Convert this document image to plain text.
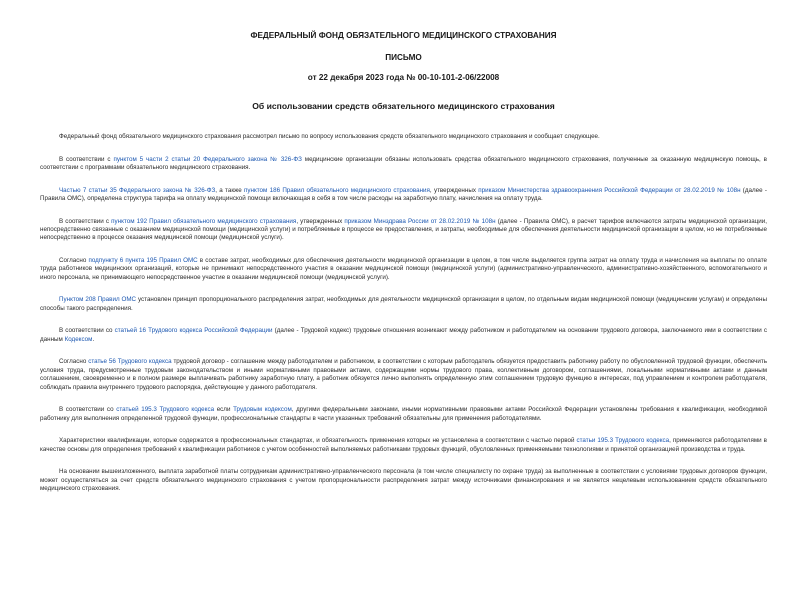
ФЕДЕРАЛЬНЫЙ ФОНД ОБЯЗАТЕЛЬНОГО МЕДИЦИНСКОГО СТРАХОВАНИЯ
ПИСЬМО
от 22 декабря 2023 года № 00-10-101-2-06/22008
Об использовании средств обязательного медицинского страхования

Федеральный фонд обязательного медицинского страхования рассмотрел письмо по вопросу использования средств обязательного медицинского страхования и сообщает следующее.

В соответствии с пунктом 5 части 2 статьи 20 Федерального закона № 326-ФЗ медицинские организации обязаны использовать средства обязательного медицинского страхования, полученные за оказанную медицинскую помощь, в соответствии с программами обязательного медицинского страхования.

Частью 7 статьи 35 Федерального закона № 326-ФЗ, а также пунктом 186 Правил обязательного медицинского страхования, утвержденных приказом Министерства здравоохранения Российской Федерации от 28.02.2019 № 108н (далее - Правила ОМС), определена структура тарифа на оплату медицинской помощи включающая в себя в том числе расходы на заработную плату, начисления на оплату труда.

В соответствии с пунктом 192 Правил обязательного медицинского страхования, утвержденных приказом Минздрава России от 28.02.2019 № 108н (далее - Правила ОМС), в расчет тарифов включаются затраты медицинской организации, непосредственно связанные с оказанием медицинской помощи (медицинской услуги) и потребляемые в процессе ее предоставления, и затраты, необходимые для обеспечения деятельности медицинской организации в целом, но не потребляемые непосредственно в процессе оказания медицинской помощи (медицинской услуги).

Согласно подпункту 6 пункта 195 Правил ОМС в составе затрат, необходимых для обеспечения деятельности медицинской организации в целом, в том числе выделяется группа затрат на оплату труда и начисления на выплаты по оплате труда работников медицинских организаций, которые не принимают непосредственного участия в оказании медицинской помощи (медицинской услуги) (административно-управленческого, административно-хозяйственного, вспомогательного и иного персонала, не принимающего непосредственное участие в оказании медицинской помощи (медицинской услуги).

Пунктом 208 Правил ОМС установлен принцип пропорционального распределения затрат, необходимых для деятельности медицинской организации в целом, по отдельным видам медицинской помощи (медицинским услугам) и определены способы такого распределения.

В соответствии со статьей 16 Трудового кодекса Российской Федерации (далее - Трудовой кодекс) трудовые отношения возникают между работником и работодателем на основании трудового договора, заключаемого ими в соответствии с данным Кодексом.

Согласно статье 56 Трудового кодекса трудовой договор - соглашение между работодателем и работником, в соответствии с которым работодатель обязуется предоставить работнику работу по обусловленной трудовой функции, обеспечить условия труда, предусмотренные трудовым законодательством и иными нормативными правовыми актами, содержащими нормы трудового права, коллективным договором, соглашениями, локальными нормативными актами и данным соглашением, своевременно и в полном размере выплачивать работнику заработную плату, а работник обязуется лично выполнять определенную этим соглашением трудовую функцию в интересах, под управлением и контролем работодателя, соблюдать правила внутреннего трудового распорядка, действующие у данного работодателя.

В соответствии со статьей 195.3 Трудового кодекса если Трудовым кодексом, другими федеральными законами, иными нормативными правовыми актами Российской Федерации установлены требования к квалификации, необходимой работнику для выполнения определенной трудовой функции, профессиональные стандарты в части указанных требований обязательны для применения работодателями.

Характеристики квалификации, которые содержатся в профессиональных стандартах, и обязательность применения которых не установлена в соответствии с частью первой статьи 195.3 Трудового кодекса, применяются работодателями в качестве основы для определения требований к квалификации работников с учетом особенностей выполняемых работниками трудовых функций, обусловленных применяемыми технологиями и принятой организацией производства и труда.

На основании вышеизложенного, выплата заработной платы сотрудникам административно-управленческого персонала (в том числе специалисту по охране труда) за выполненные в соответствии с условиями трудовых договоров функции, может осуществляться за счет средств обязательного медицинского страхования с учетом пропорциональности распределения затрат между источниками финансирования и не является нецелевым использованием средств обязательного медицинского страхования.
